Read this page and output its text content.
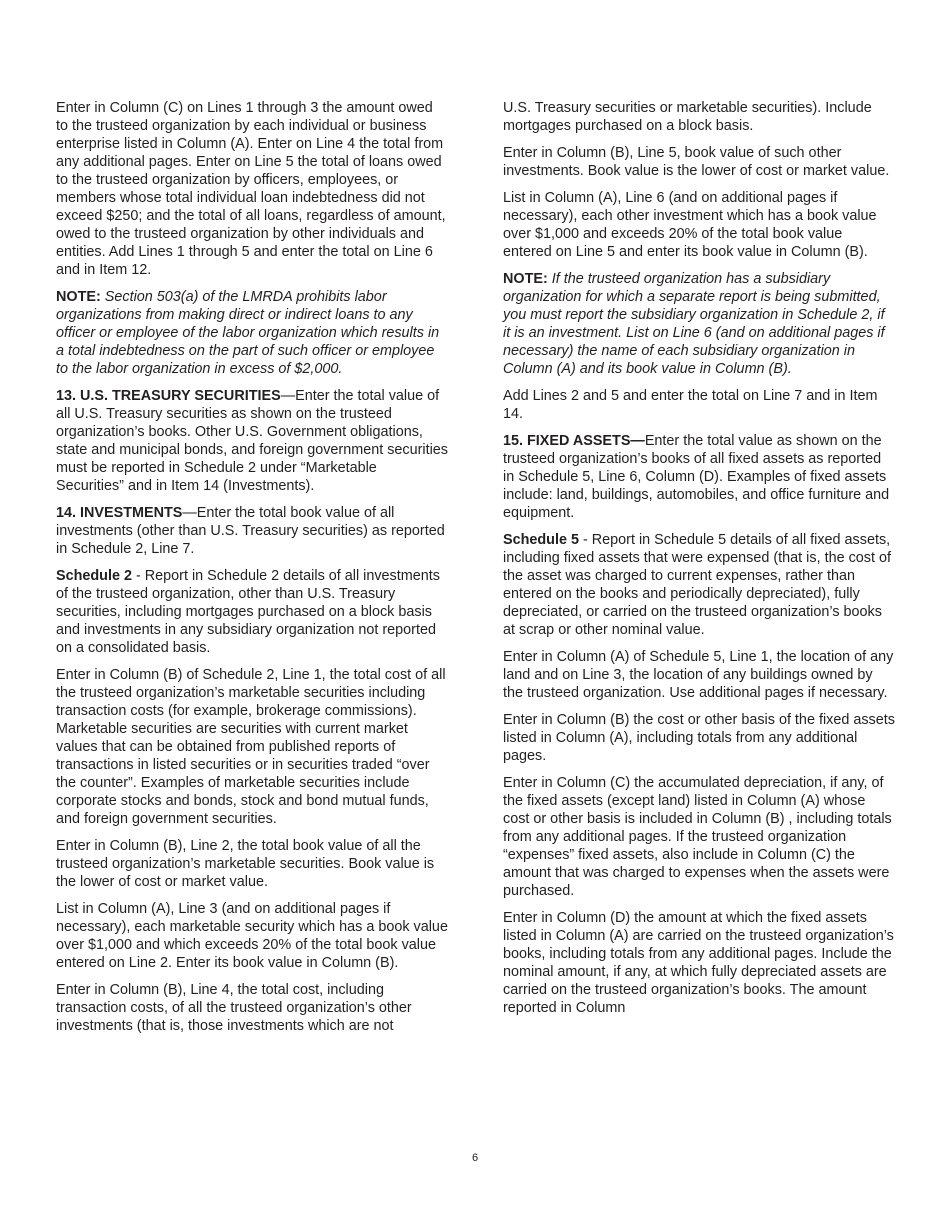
Enter in Column (C) on Lines 1 through 3 the amount owed to the trusteed organization by each individual or business enterprise listed in Column (A). Enter on Line 4 the total from any additional pages. Enter on Line 5 the total of loans owed to the trusteed organization by officers, employees, or members whose total individual loan indebtedness did not exceed $250; and the total of all loans, regardless of amount, owed to the trusteed organization by other individuals and entities. Add Lines 1 through 5 and enter the total on Line 6 and in Item 12.

NOTE: Section 503(a) of the LMRDA prohibits labor organizations from making direct or indirect loans to any officer or employee of the labor organization which results in a total indebtedness on the part of such officer or employee to the labor organization in excess of $2,000.

13. U.S. TREASURY SECURITIES—Enter the total value of all U.S. Treasury securities as shown on the trusteed organization’s books. Other U.S. Government obligations, state and municipal bonds, and foreign government securities must be reported in Schedule 2 under “Marketable Securities” and in Item 14 (Investments).

14. INVESTMENTS—Enter the total book value of all investments (other than U.S. Treasury securities) as reported in Schedule 2, Line 7.

Schedule 2 - Report in Schedule 2 details of all investments of the trusteed organization, other than U.S. Treasury securities, including mortgages purchased on a block basis and investments in any subsidiary organization not reported on a consolidated basis.

Enter in Column (B) of Schedule 2, Line 1, the total cost of all the trusteed organization’s marketable securities including transaction costs (for example, brokerage commissions). Marketable securities are securities with current market values that can be obtained from published reports of transactions in listed securities or in securities traded “over the counter”. Examples of marketable securities include corporate stocks and bonds, stock and bond mutual funds, and foreign government securities.

Enter in Column (B), Line 2, the total book value of all the trusteed organization’s marketable securities. Book value is the lower of cost or market value.

List in Column (A), Line 3 (and on additional pages if necessary), each marketable security which has a book value over $1,000 and which exceeds 20% of the total book value entered on Line 2. Enter its book value in Column (B).

Enter in Column (B), Line 4, the total cost, including transaction costs, of all the trusteed organization’s other investments (that is, those investments which are not

U.S. Treasury securities or marketable securities). Include mortgages purchased on a block basis.

Enter in Column (B), Line 5, book value of such other investments. Book value is the lower of cost or market value.

List in Column (A), Line 6 (and on additional pages if necessary), each other investment which has a book value over $1,000 and exceeds 20% of the total book value entered on Line 5 and enter its book value in Column (B).

NOTE: If the trusteed organization has a subsidiary organization for which a separate report is being submitted, you must report the subsidiary organization in Schedule 2, if it is an investment. List on Line 6 (and on additional pages if necessary) the name of each subsidiary organization in Column (A) and its book value in Column (B).

Add Lines 2 and 5 and enter the total on Line 7 and in Item 14.

15. FIXED ASSETS—Enter the total value as shown on the trusteed organization’s books of all fixed assets as reported in Schedule 5, Line 6, Column (D). Examples of fixed assets include: land, buildings, automobiles, and office furniture and equipment.

Schedule 5 - Report in Schedule 5 details of all fixed assets, including fixed assets that were expensed (that is, the cost of the asset was charged to current expenses, rather than entered on the books and periodically depreciated), fully depreciated, or carried on the trusteed organization’s books at scrap or other nominal value.

Enter in Column (A) of Schedule 5, Line 1, the location of any land and on Line 3, the location of any buildings owned by the trusteed organization. Use additional pages if necessary.

Enter in Column (B) the cost or other basis of the fixed assets listed in Column (A), including totals from any additional pages.

Enter in Column (C) the accumulated depreciation, if any, of the fixed assets (except land) listed in Column (A) whose cost or other basis is included in Column (B) , including totals from any additional pages. If the trusteed organization “expenses” fixed assets, also include in Column (C) the amount that was charged to expenses when the assets were purchased.

Enter in Column (D) the amount at which the fixed assets listed in Column (A) are carried on the trusteed organization’s books, including totals from any additional pages. Include the nominal amount, if any, at which fully depreciated assets are carried on the trusteed organization’s books. The amount reported in Column

6
